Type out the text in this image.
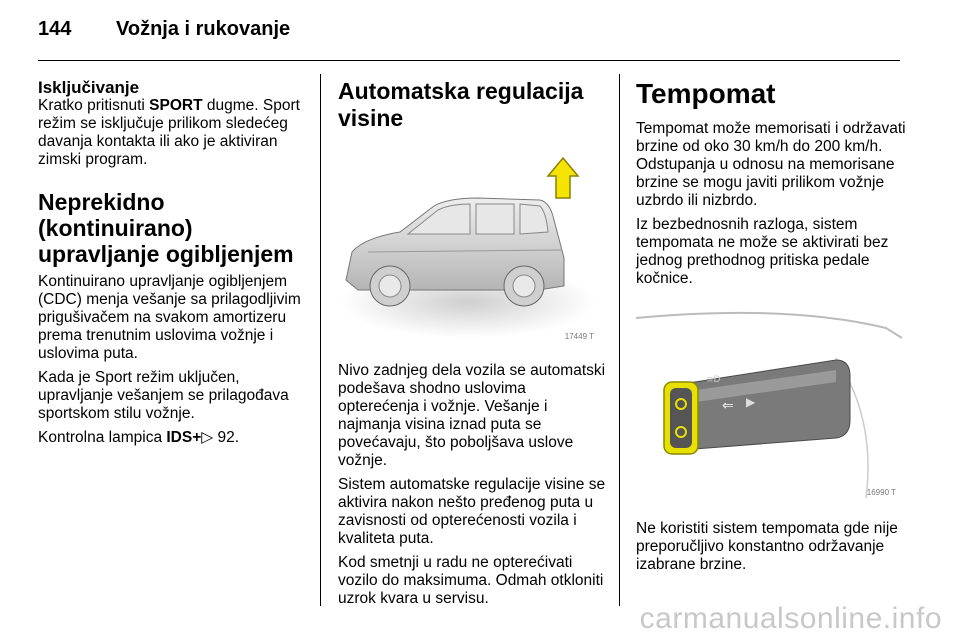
144 Vožnja i rukovanje
Isključivanje

Kratko pritisnuti SPORT dugme. Sport režim se isključuje prilikom sledećeg davanja kontakta ili ako je aktiviran zimski program.

Neprekidno (kontinuirano) upravljanje ogibljenjem

Kontinuirano upravljanje ogibljenjem (CDC) menja vešanje sa prilagodljivim prigušivačem na svakom amortizeru prema trenutnim uslovima vožnje i uslovima puta.

Kada je Sport režim uključen, upravljanje vešanjem se prilagođava sportskom stilu vožnje.

Kontrolna lampica IDS+▷ 92.

Automatska regulacija visine
17449 T

Nivo zadnjeg dela vozila se automatski podešava shodno uslovima opterećenja i vožnje. Vešanje i najmanja visina iznad puta se povećavaju, što poboljšava uslove vožnje.

Sistem automatske regulacije visine se aktivira nakon nešto pređenog puta u zavisnosti od opterećenosti vozila i kvaliteta puta.

Kod smetnji u radu ne opterećivati vozilo do maksimuma. Odmah otkloniti uzrok kvara u servisu.

Tempomat

Tempomat može memorisati i održavati brzine od oko 30 km/h do 200 km/h. Odstupanja u odnosu na memorisane brzine se mogu javiti prilikom vožnje uzbrdo ili nizbrdo.

Iz bezbednosnih razloga, sistem tempomata ne može se aktivirati bez jednog prethodnog pritiska pedale kočnice.

⇐ ▶
≡D
16990 T

Ne koristiti sistem tempomata gde nije preporučljivo konstantno održavanje izabrane brzine.

carmanualsonline.info
